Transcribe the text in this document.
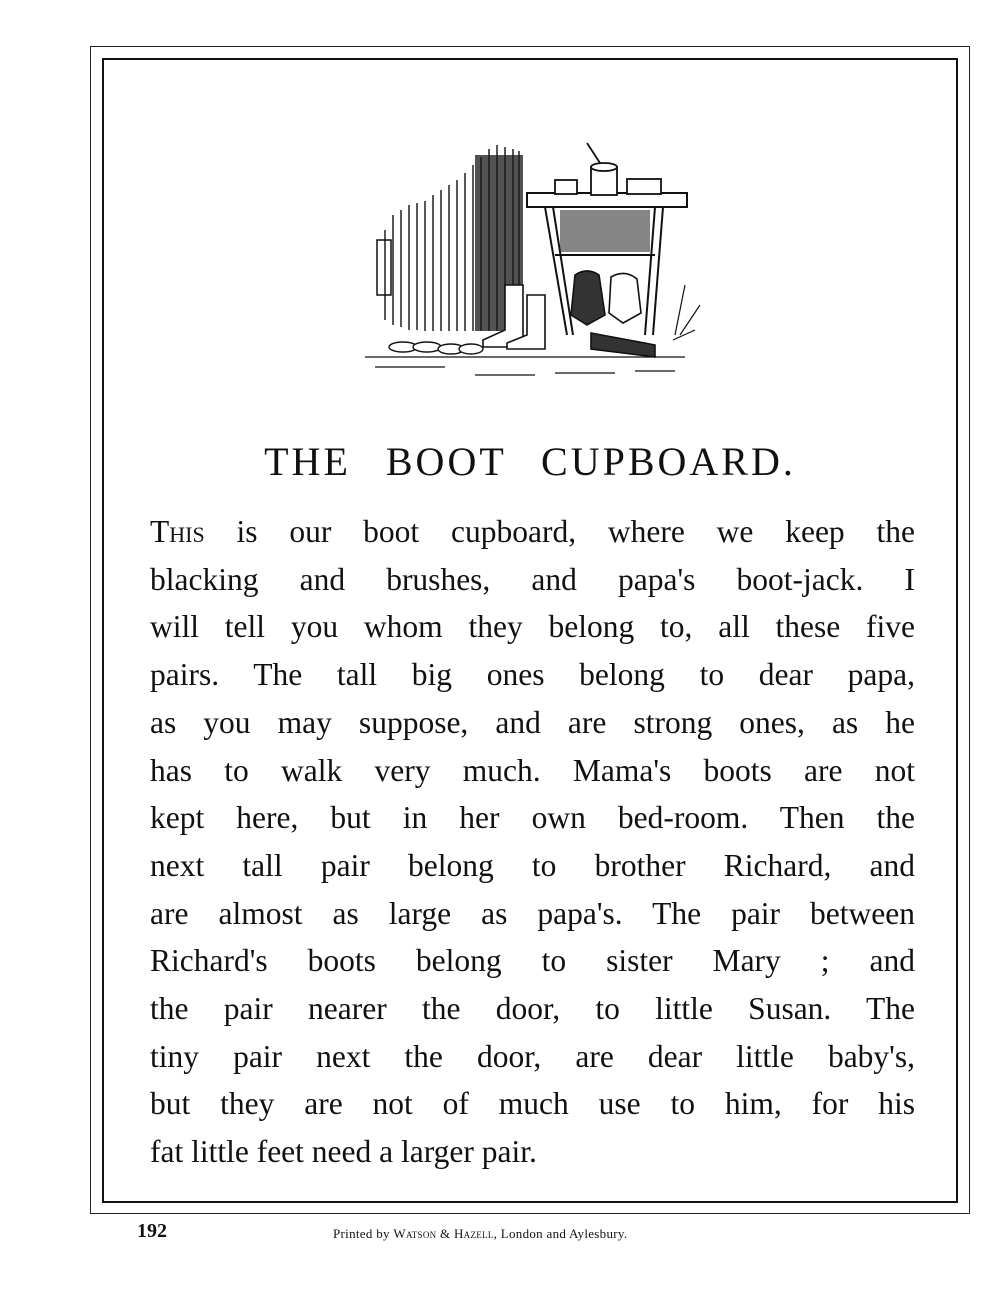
THE BOOT CUPBOARD.
This is our boot cupboard, where we keep the
blacking and brushes, and papa's boot-jack. I
will tell you whom they belong to, all these five
pairs. The tall big ones belong to dear papa,
as you may suppose, and are strong ones, as he
has to walk very much. Mama's boots are not
kept here, but in her own bed-room. Then the
next tall pair belong to brother Richard, and
are almost as large as papa's. The pair between
Richard's boots belong to sister Mary ; and
the pair nearer the door, to little Susan. The
tiny pair next the door, are dear little baby's,
but they are not of much use to him, for his
fat little feet need a larger pair.
192	Printed by Watson & Hazell, London and Aylesbury.
